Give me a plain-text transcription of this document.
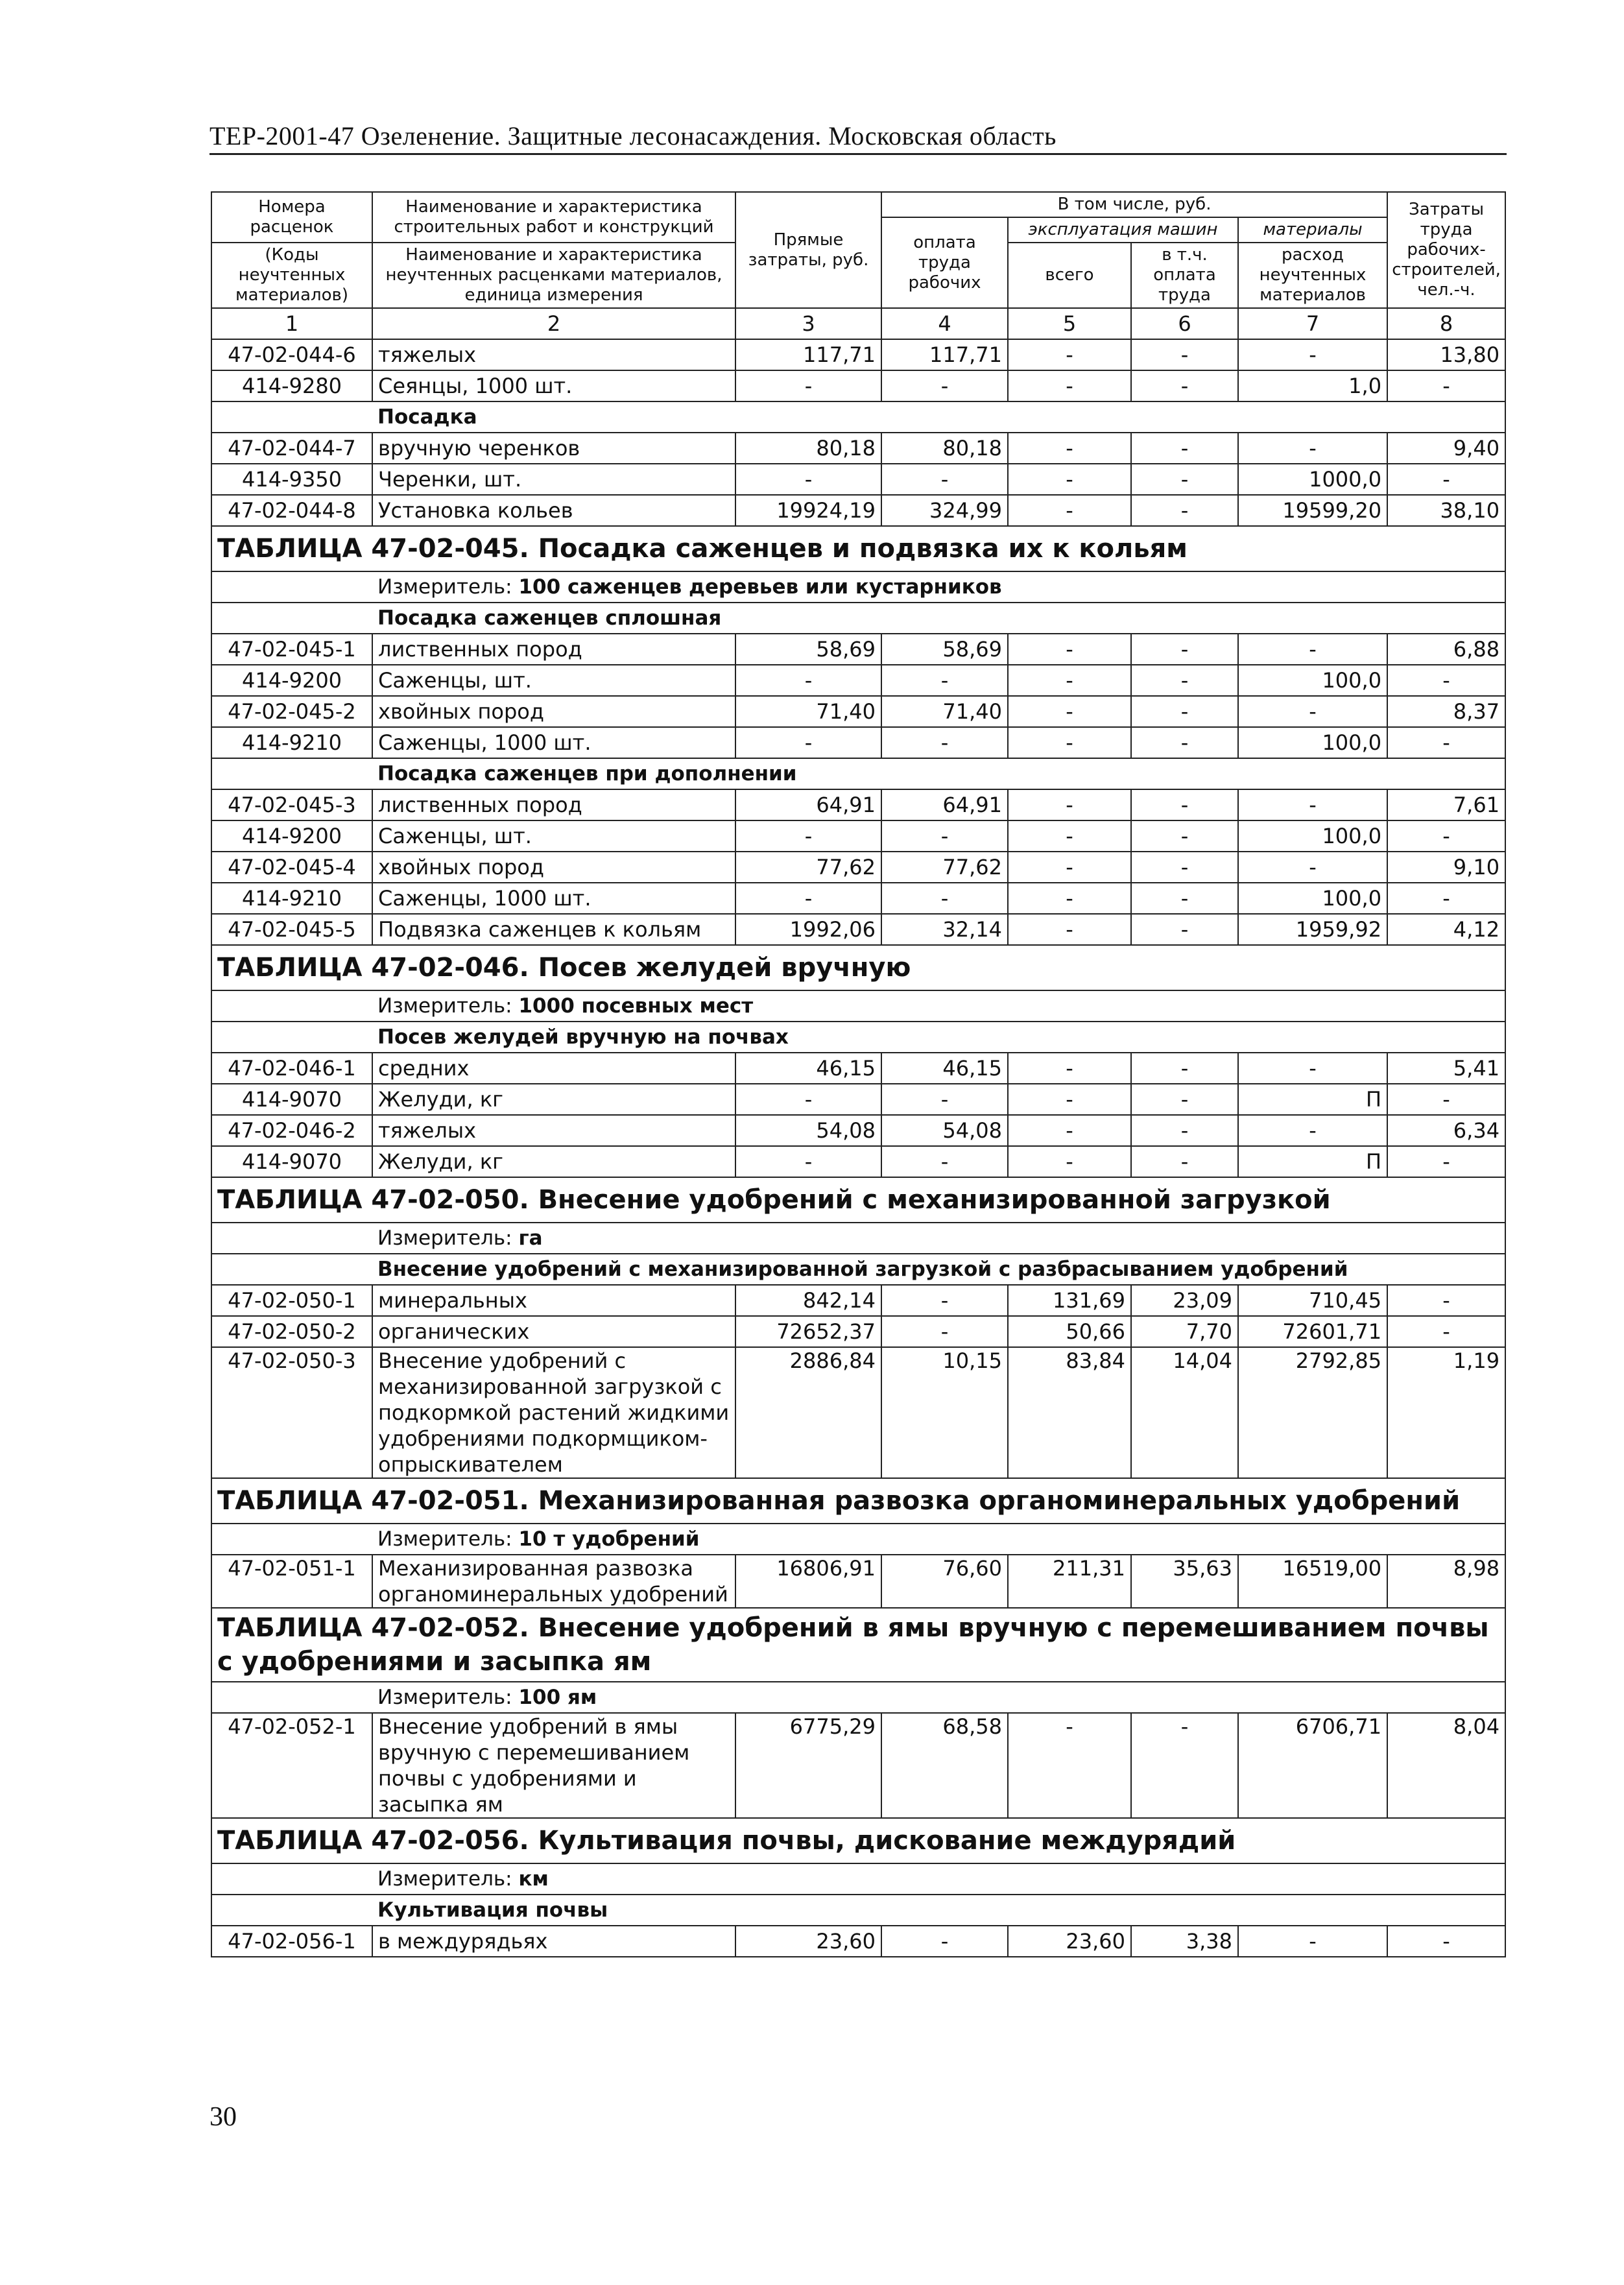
ТЕР-2001-47 Озеленение. Защитные лесонасаждения. Московская область
Номера расценок	Наименование и характеристика строительных работ и конструкций	Прямые затраты, руб.	В том числе, руб.				Затраты труда рабочих-строителей, чел.-ч.
			оплата труда рабочих	эксплуатация машин		материалы	
(Коды неучтенных материалов)	Наименование и характеристика неучтенных расценками материалов, единица измерения			всего	в т.ч. оплата труда	расход неучтенных материалов	

1	2	3	4	5	6	7	8
47-02-044-6	тяжелых	117,71	117,71	-	-	-	13,80
414-9280	Сеянцы, 1000 шт.	-	-	-	-	1,0	-
	Посадка						
47-02-044-7	вручную черенков	80,18	80,18	-	-	-	9,40
414-9350	Черенки, шт.	-	-	-	-	1000,0	-
47-02-044-8	Установка кольев	19924,19	324,99	-	-	19599,20	38,10
ТАБЛИЦА 47-02-045. Посадка саженцев и подвязка их к кольям							
	Измеритель: 100 саженцев деревьев или кустарников						
	Посадка саженцев сплошная						
47-02-045-1	лиственных пород	58,69	58,69	-	-	-	6,88
414-9200	Саженцы, шт.	-	-	-	-	100,0	-
47-02-045-2	хвойных пород	71,40	71,40	-	-	-	8,37
414-9210	Саженцы, 1000 шт.	-	-	-	-	100,0	-
	Посадка саженцев при дополнении						
47-02-045-3	лиственных пород	64,91	64,91	-	-	-	7,61
414-9200	Саженцы, шт.	-	-	-	-	100,0	-
47-02-045-4	хвойных пород	77,62	77,62	-	-	-	9,10
414-9210	Саженцы, 1000 шт.	-	-	-	-	100,0	-
47-02-045-5	Подвязка саженцев к кольям	1992,06	32,14	-	-	1959,92	4,12
ТАБЛИЦА 47-02-046. Посев желудей вручную							
	Измеритель: 1000 посевных мест						
	Посев желудей вручную на почвах						
47-02-046-1	средних	46,15	46,15	-	-	-	5,41
414-9070	Желуди, кг	-	-	-	-	П	-
47-02-046-2	тяжелых	54,08	54,08	-	-	-	6,34
414-9070	Желуди, кг	-	-	-	-	П	-
ТАБЛИЦА 47-02-050. Внесение удобрений с механизированной загрузкой							
	Измеритель: га						
	Внесение удобрений с механизированной загрузкой с разбрасыванием удобрений						
47-02-050-1	минеральных	842,14	-	131,69	23,09	710,45	-
47-02-050-2	органических	72652,37	-	50,66	7,70	72601,71	-
47-02-050-3	Внесение удобрений с механизированной загрузкой с подкормкой растений жидкими удобрениями подкормщиком-опрыскивателем	2886,84	10,15	83,84	14,04	2792,85	1,19
ТАБЛИЦА 47-02-051. Механизированная развозка органоминеральных удобрений							
	Измеритель: 10 т удобрений						
47-02-051-1	Механизированная развозка органоминеральных удобрений	16806,91	76,60	211,31	35,63	16519,00	8,98
ТАБЛИЦА 47-02-052. Внесение удобрений в ямы вручную с перемешиванием почвы с удобрениями и засыпка ям							
	Измеритель: 100 ям						
47-02-052-1	Внесение удобрений в ямы вручную с перемешиванием почвы с удобрениями и засыпка ям	6775,29	68,58	-	-	6706,71	8,04
ТАБЛИЦА 47-02-056. Культивация почвы, дискование междурядий							
	Измеритель: км						
	Культивация почвы						
47-02-056-1	в междурядьях	23,60	-	23,60	3,38	-	-
30
